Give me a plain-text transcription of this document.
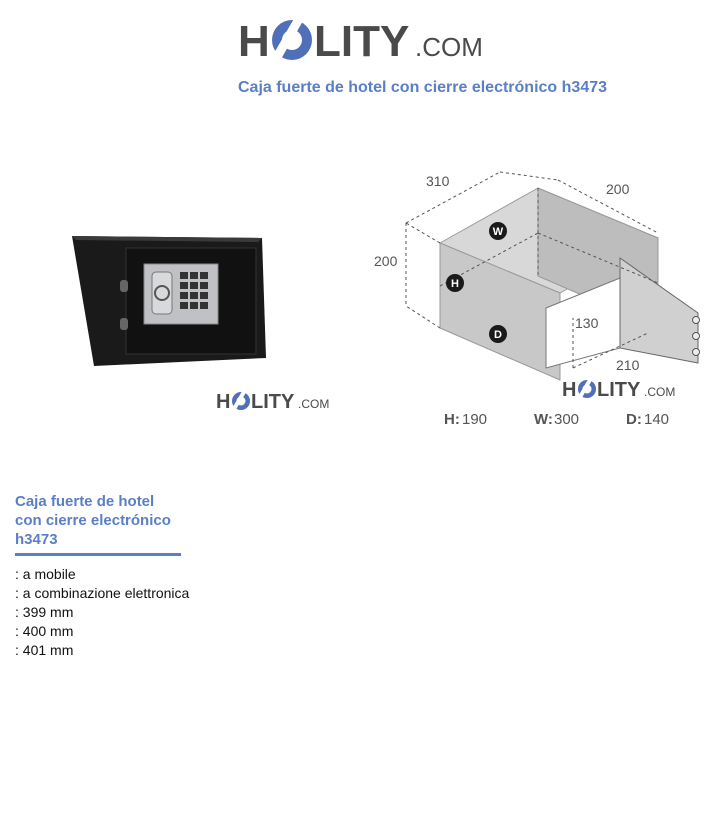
H LITY .COM
Caja fuerte de hotel con cierre electrónico h3473
H LITY .COM
310	200
200
130
210
W
H
D
H LITY .COM
H: 190	W: 300	D: 140
Caja fuerte de hotel con cierre electrónico h3473
: a mobile
: a combinazione elettronica
: 399 mm
: 400 mm
: 401 mm
